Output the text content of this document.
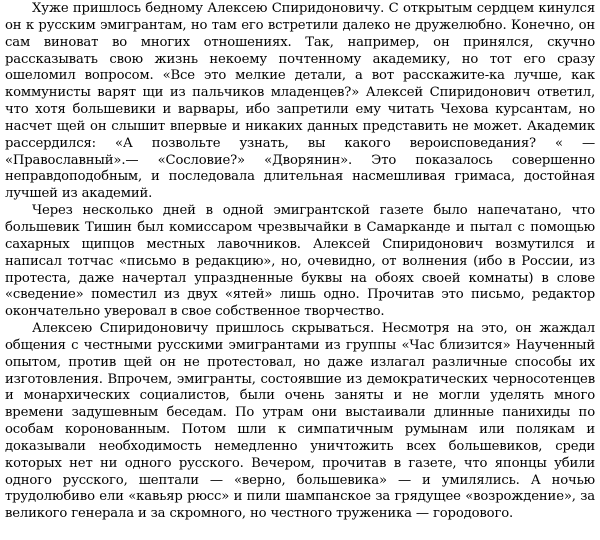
Хуже пришлось бедному Алексею Спиридоновичу. С открытым сердцем кинулся он к русским эмигрантам, но там его встретили далеко не дружелюбно. Конечно, он сам виноват во многих отношениях. Так, например, он принялся, скучно рассказывать свою жизнь некоему почтенному академику, но тот его сразу ошеломил вопросом. «Все это мелкие детали, а вот расскажите-ка лучше, как коммунисты варят щи из пальчиков младенцев?» Алексей Спиридонович ответил, что хотя большевики и варвары, ибо запретили ему читать Чехова курсантам, но насчет щей он слышит впервые и никаких данных представить не может. Академик рассердился: «А позвольте узнать, вы какого вероисповедания? « — «Православный».— «Сословие?» «Дворянин». Это показалось совершенно неправдоподобным, и последовала длительная насмешливая гримаса, достойная лучшей из академий.

Через несколько дней в одной эмигрантской газете было напечатано, что большевик Тишин был комиссаром чрезвычайки в Самарканде и пытал с помощью сахарных щипцов местных лавочников. Алексей Спиридонович возмутился и написал тотчас «письмо в редакцию», но, очевидно, от волнения (ибо в России, из протеста, даже начертал упраздненные буквы на обоях своей комнаты) в слове «сведение» поместил из двух «ятей» лишь одно. Прочитав это письмо, редактор окончательно уверовал в свое собственное творчество.

Алексею Спиридоновичу пришлось скрываться. Несмотря на это, он жаждал общения с честными русскими эмигрантами из группы «Час близится» Наученный опытом, против щей он не протестовал, но даже излагал различные способы их изготовления. Впрочем, эмигранты, состоявшие из демократических черносотенцев и монархических социалистов, были очень заняты и не могли уделять много времени задушевным беседам. По утрам они выстаивали длинные панихиды по особам коронованным. Потом шли к симпатичным румынам или полякам и доказывали необходимость немедленно уничтожить всех большевиков, среди которых нет ни одного русского. Вечером, прочитав в газете, что японцы убили одного русского, шептали — «верно, большевика» — и умилялись. А ночью трудолюбиво ели «кавьяр рюсс» и пили шампанское за грядущее «возрождение», за великого генерала и за скромного, но честного труженика — городового.
